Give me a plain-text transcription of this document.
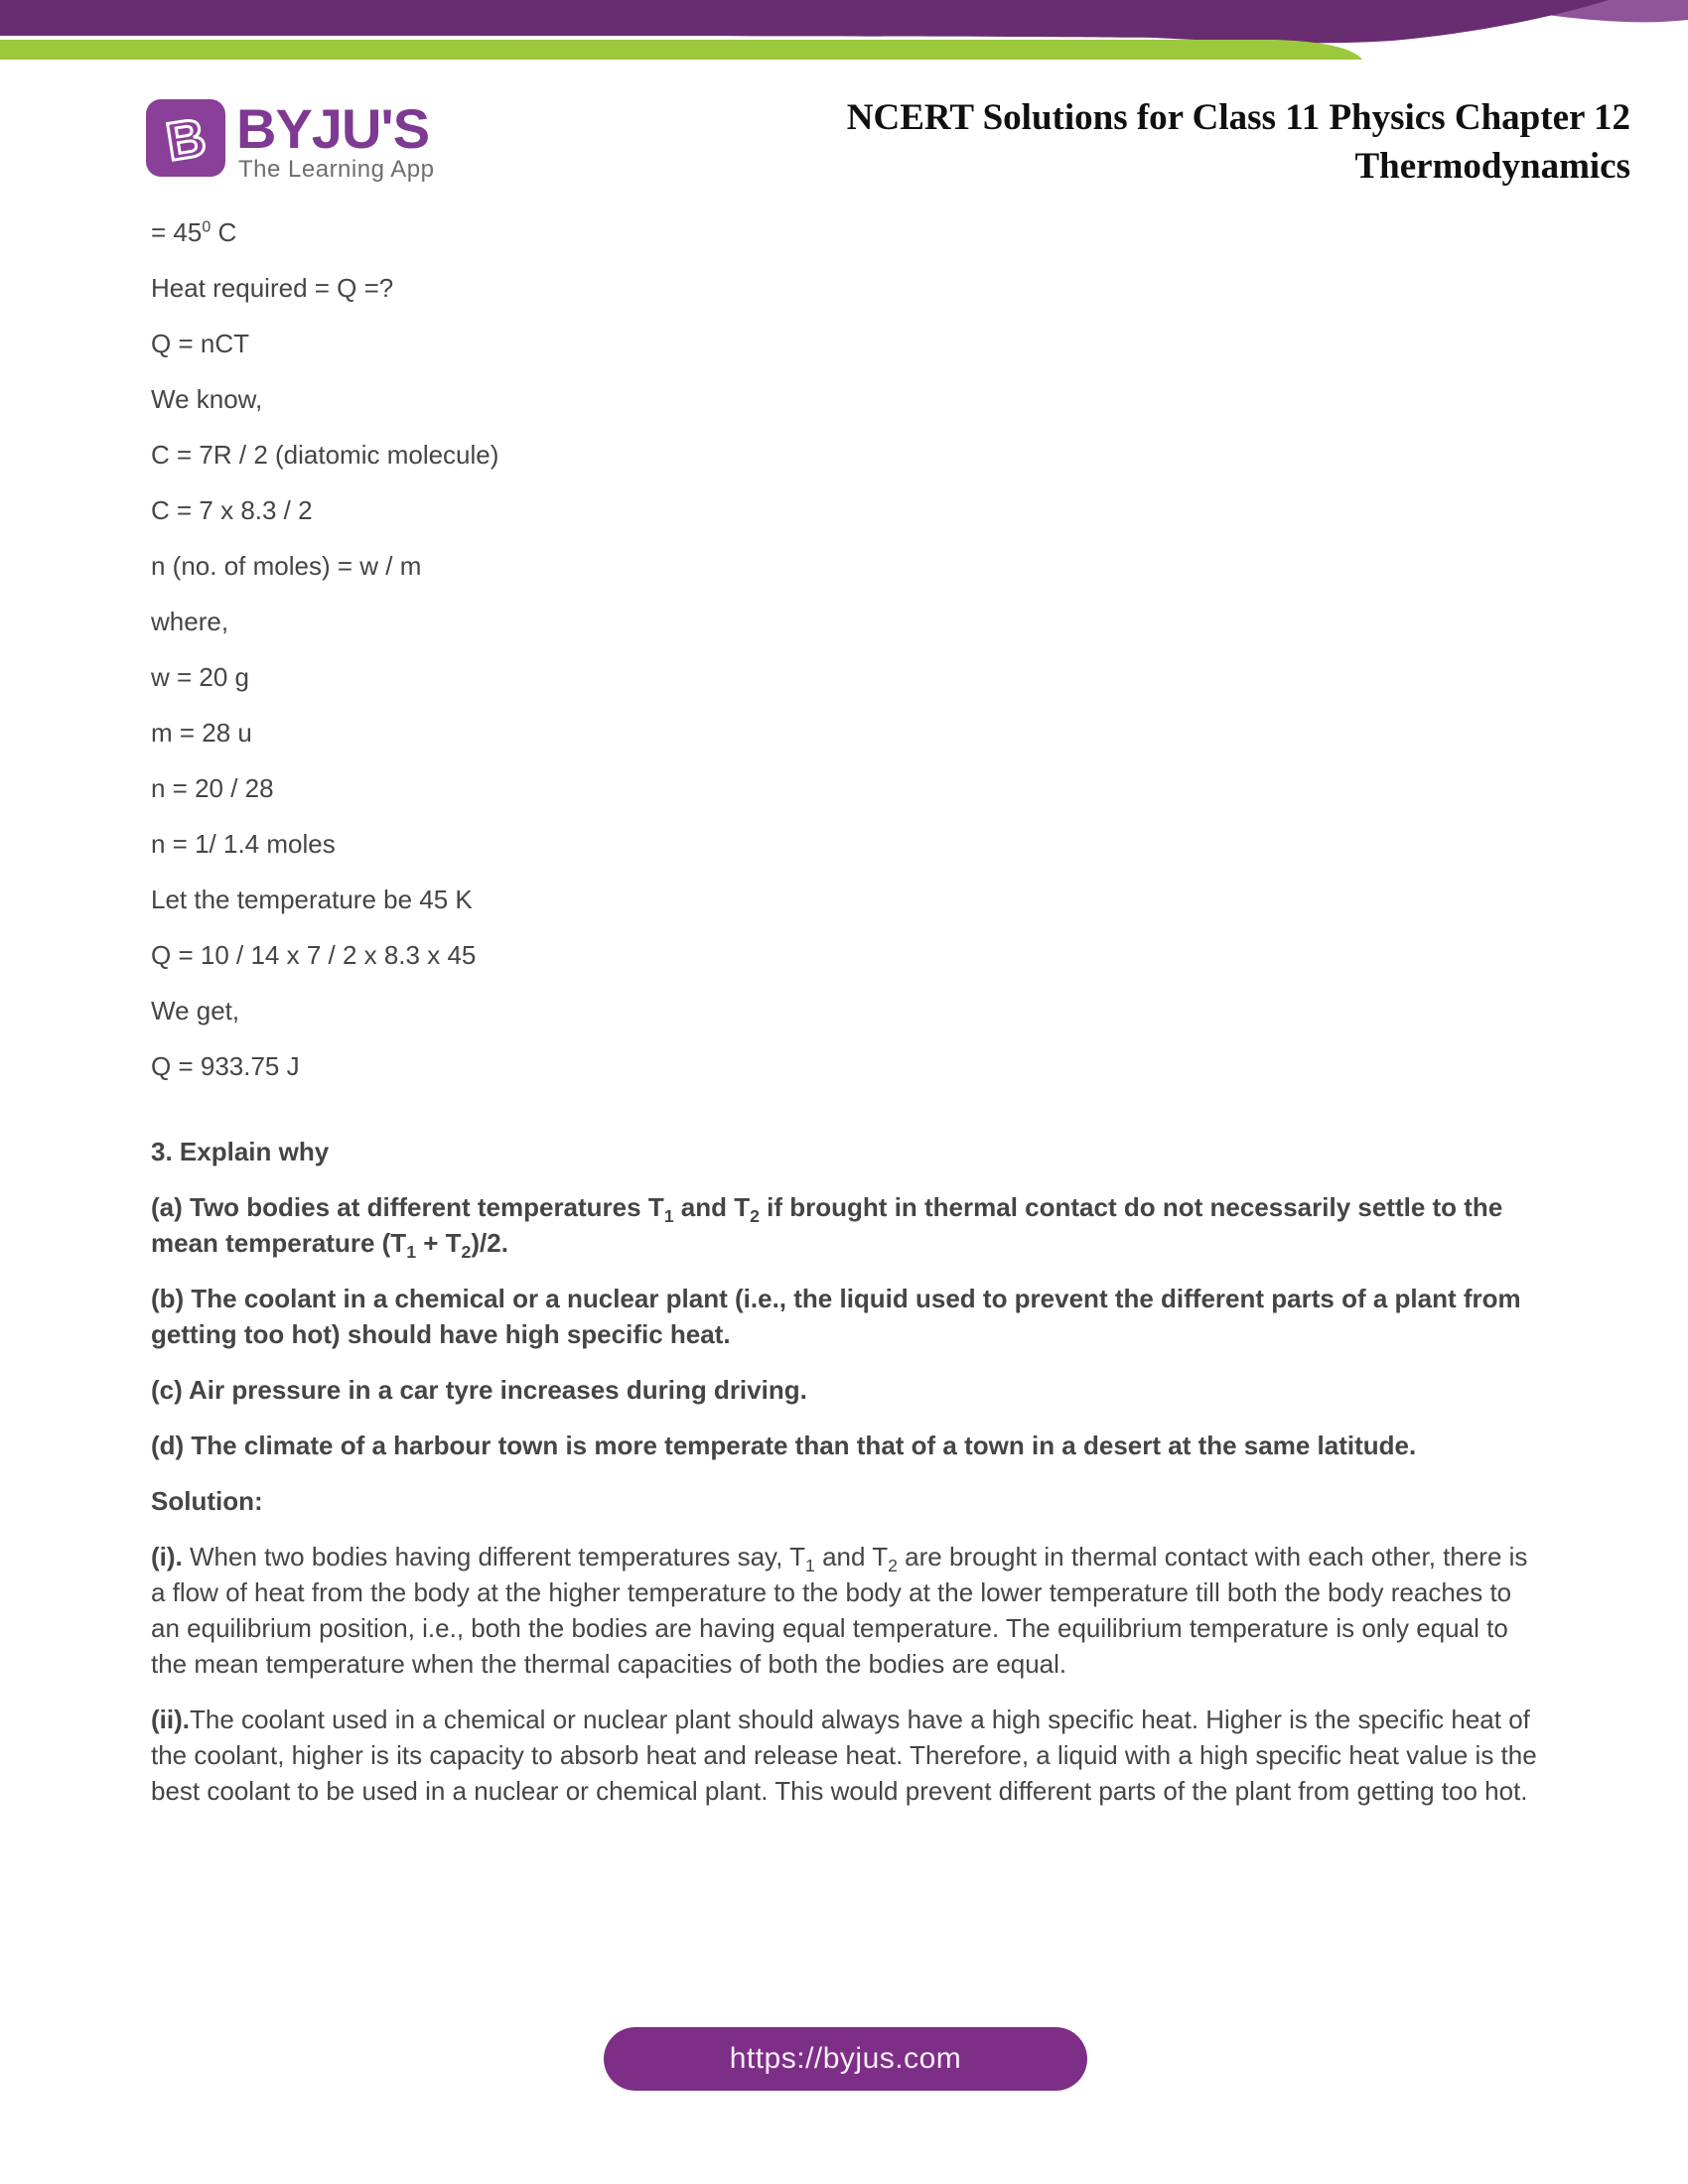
B BYJU'S
The Learning App
NCERT Solutions for Class 11 Physics Chapter 12
Thermodynamics

= $45^0$ C

Heat required = Q =?

Q = nCT

We know,

C = 7R / 2 (diatomic molecule)

C = 7 x 8.3 / 2

n (no. of moles) = w / m

where,

w = 20 g

m = 28 u

n = 20 / 28

n = 1/ 1.4 moles

Let the temperature be 45 K

Q = 10 / 14 x 7 / 2 x 8.3 x 45

We get,

Q = 933.75 J

3. Explain why

(a) Two bodies at different temperatures $T_1$ and $T_2$ if brought in thermal contact do not necessarily settle to the mean temperature $(T_1 + T_2)/2$.

(b) The coolant in a chemical or a nuclear plant (i.e., the liquid used to prevent the different parts of a plant from getting too hot) should have high specific heat.

(c) Air pressure in a car tyre increases during driving.

(d) The climate of a harbour town is more temperate than that of a town in a desert at the same latitude.

Solution:

(i). When two bodies having different temperatures say, $T_1$ and $T_2$ are brought in thermal contact with each other, there is a flow of heat from the body at the higher temperature to the body at the lower temperature till both the body reaches to an equilibrium position, i.e., both the bodies are having equal temperature. The equilibrium temperature is only equal to the mean temperature when the thermal capacities of both the bodies are equal.

(ii).The coolant used in a chemical or nuclear plant should always have a high specific heat. Higher is the specific heat of the coolant, higher is its capacity to absorb heat and release heat. Therefore, a liquid with a high specific heat value is the best coolant to be used in a nuclear or chemical plant. This would prevent different parts of the plant from getting too hot.

https://byjus.com
